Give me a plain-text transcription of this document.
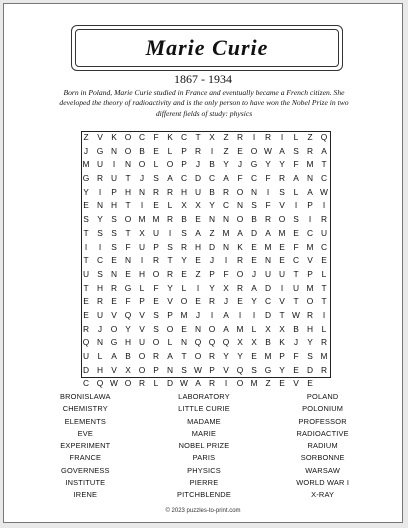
Marie Curie
1867 - 1934
Born in Poland, Marie Curie studied in France and eventually became a French citizen. She developed the theory of radioactivity and is the only person to have won the Nobel Prize in two different fields of study: physics
Z	V	K O C	F	K C	T	X	Z	R	I	R	I	L	Z Q
J	G N O B	E	L	P R	I	Z	E O W A	S R A
M U	I	N O	L	O P	J	B	Y	J	G Y	Y	F M T
G R U	T	J	S	A C D C A	F	C	F	R A N C
Y	I	P H N R R H U B R O N	I	S	L	A W
E N H	T	I	E	L	X	X	Y C N S	F	V	I	P	I
S	Y	S O M M R B	E N N O B R O S	I	R
T	S	S	T	X U	I	S	A	Z M A D A M E C U
I	I	S	F	U P	S R H D N K	E M E	F M C
T	C E N	I	R	T	Y	E	J	I	R E N E C V	E
U S N E H O R E	Z	P	F O	J	U U	T	P	L
T	H R G	L	F	Y	L	I	Y	X R A D	I	U M T
E R E	F	P	E	V O E R	J	E	Y C V	T O T
E U V Q V	S	P M	J	I	A	I	I	D	T W R	I
R	J	O Y	V	S O E N O A M L	X	X	B H	L
Q N G H U O	L	N Q Q Q X	X	B	K	J	Y R
U	L	A	B O R A	T O R Y	Y	E M P	F	S M
D H V	X O P N S W P	V Q S G Y	E D R
C Q W O R	L	D W A R	I	O M Z	E	V	E
BRONISLAWA	LABORATORY	POLAND
CHEMISTRY	LITTLE CURIE	POLONIUM
ELEMENTS	MADAME	PROFESSOR
EVE	MARIE	RADIOACTIVE
EXPERIMENT	NOBEL PRIZE	RADIUM
FRANCE	PARIS	SORBONNE
GOVERNESS	PHYSICS	WARSAW
INSTITUTE	PIERRE	WORLD WAR I
IRENE	PITCHBLENDE	X-RAY
© 2023 puzzles-to-print.com
